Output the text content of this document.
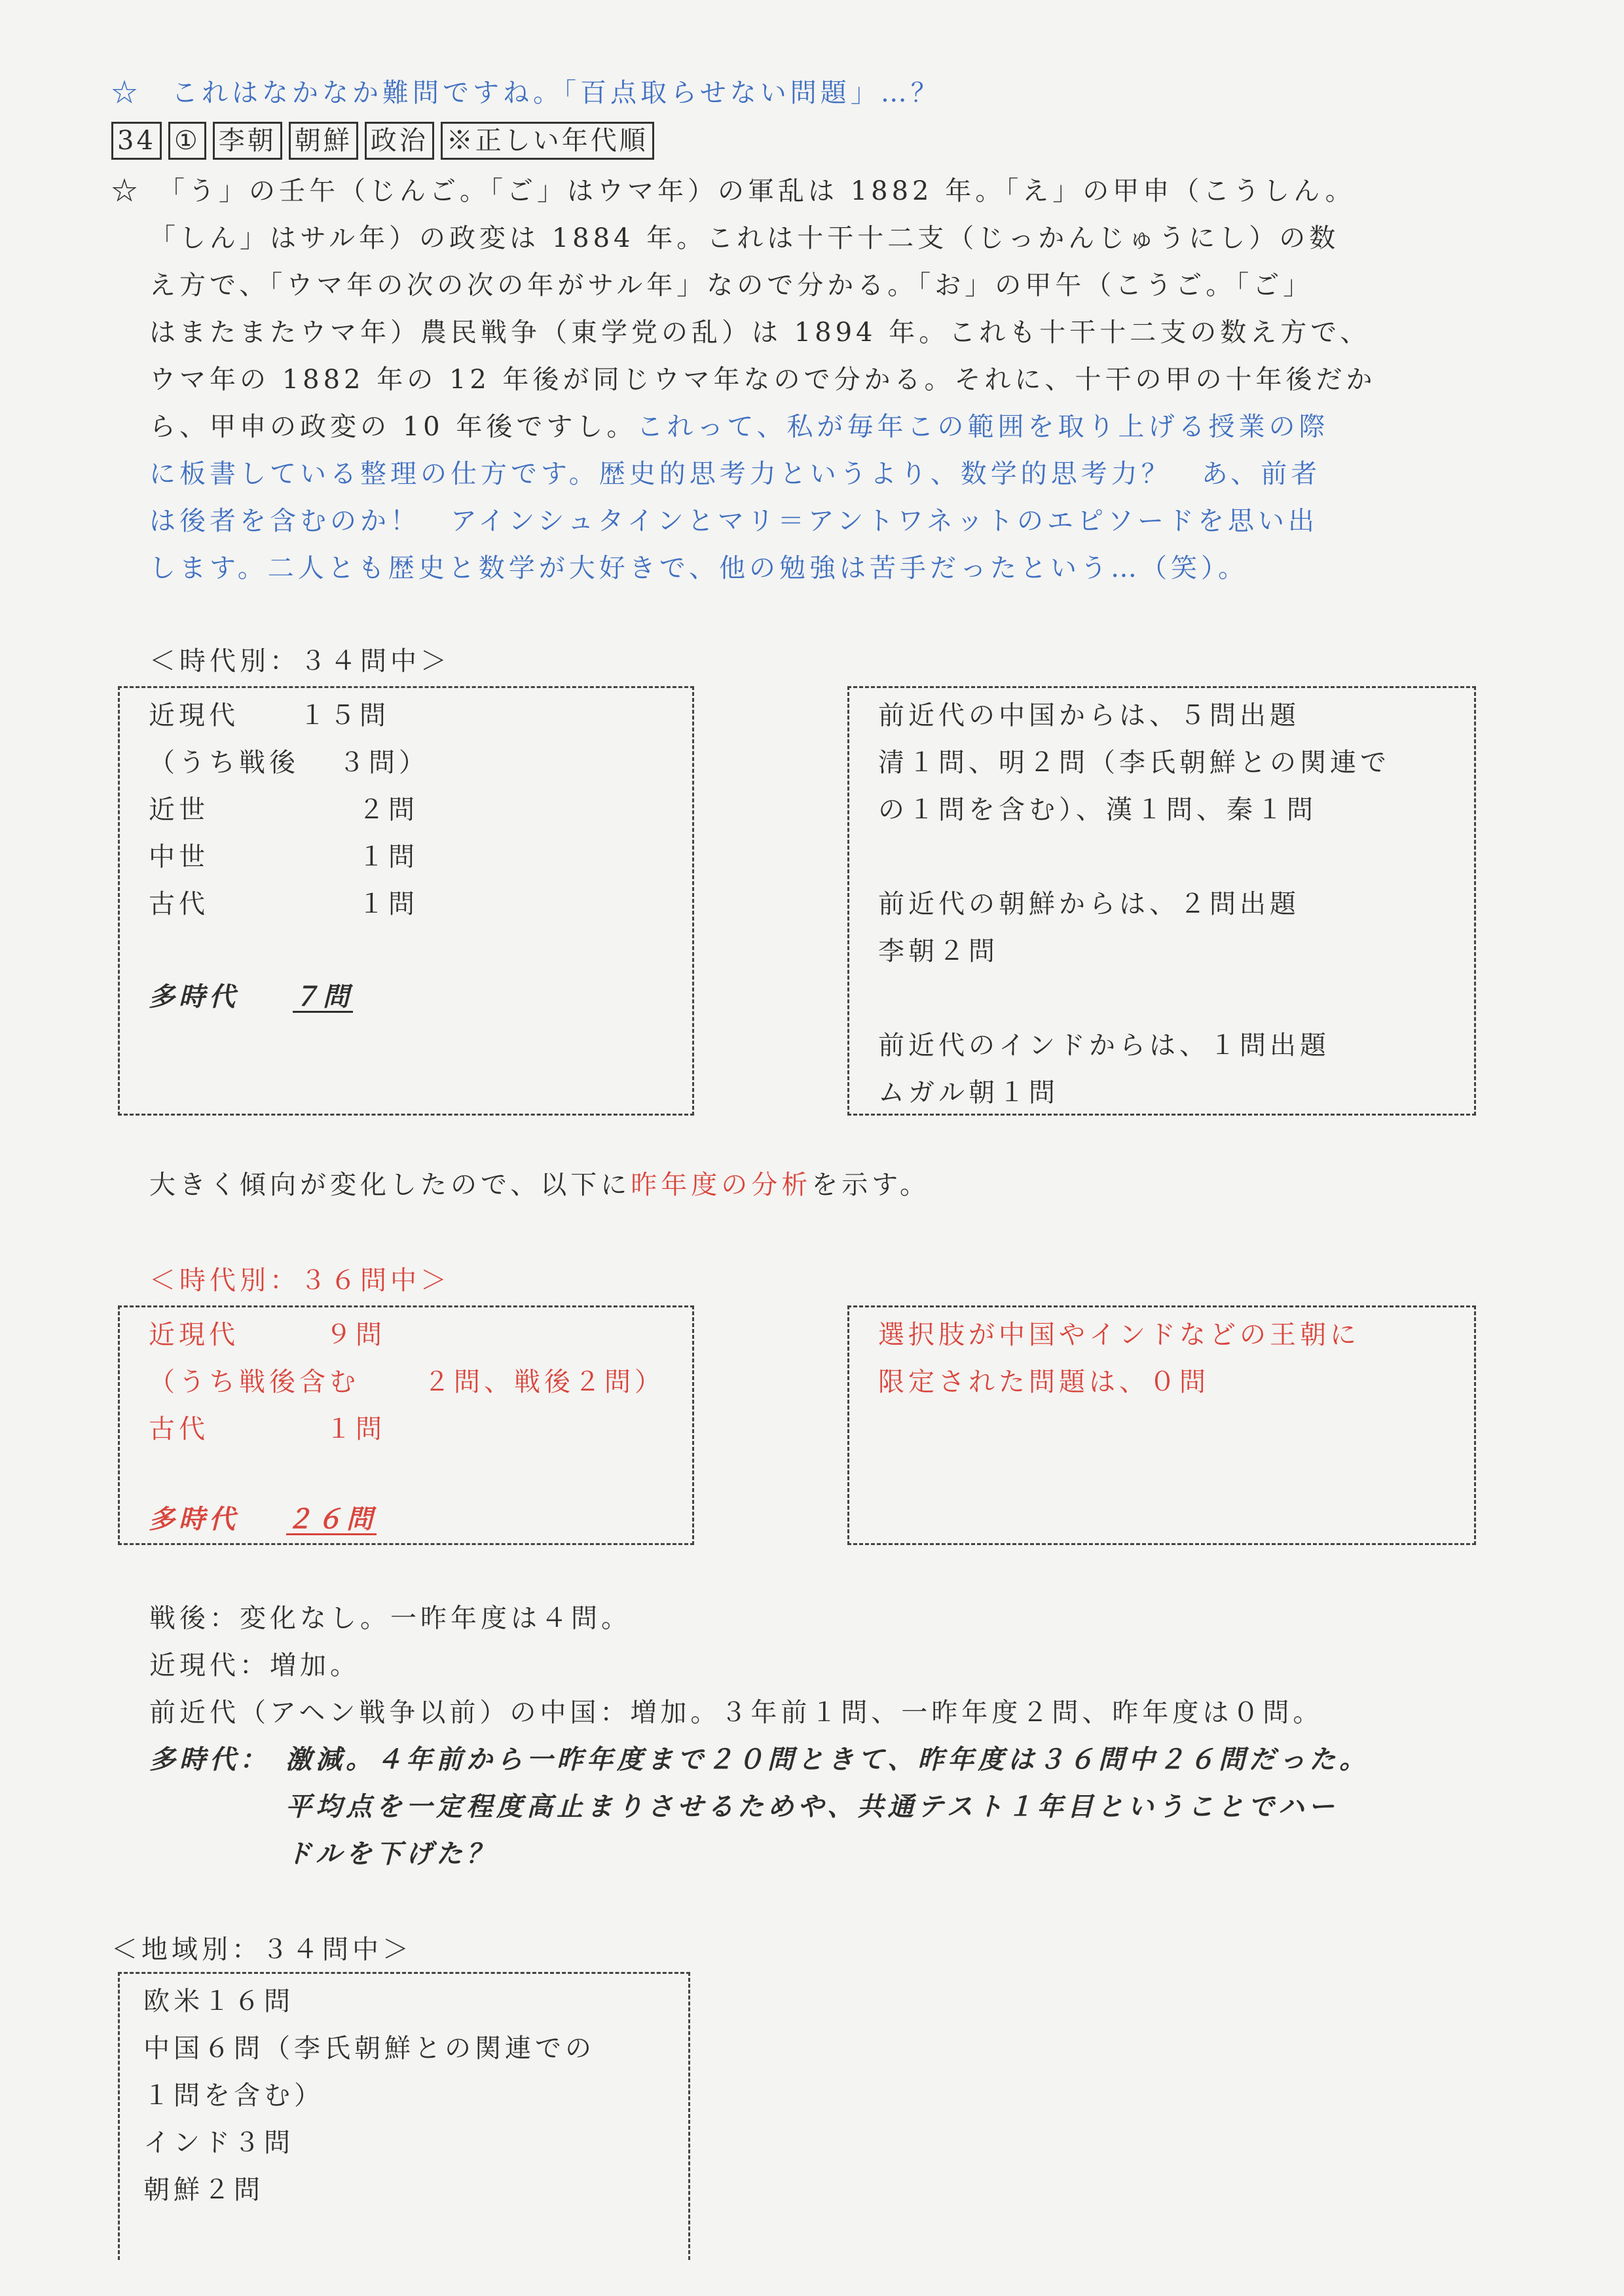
☆　これはなかなか難問ですね。「百点取らせない問題」…？
34 ① 李朝 朝鮮 政治 ※正しい年代順
☆　「う」の壬午（じんご。「ご」はウマ年）の軍乱は 1882 年。「え」の甲申（こうしん。
「しん」はサル年）の政変は 1884 年。これは十干十二支（じっかんじゅうにし）の数
え方で、「ウマ年の次の次の年がサル年」なので分かる。「お」の甲午（こうご。「ご」
はまたまたウマ年）農民戦争（東学党の乱）は 1894 年。これも十干十二支の数え方で、
ウマ年の 1882 年の 12 年後が同じウマ年なので分かる。それに、十干の甲の十年後だか
ら、甲申の政変の 10 年後ですし。これって、私が毎年この範囲を取り上げる授業の際
に板書している整理の仕方です。歴史的思考力というより、数学的思考力？　あ、前者
は後者を含むのか！　アインシュタインとマリ＝アントワネットのエピソードを思い出
します。二人とも歴史と数学が大好きで、他の勉強は苦手だったという…（笑）。
＜時代別：３４問中＞
近現代 １５問
（うち戦後 ３問）
近世	２問
中世	１問
古代	１問
多時代 ７問
前近代の中国からは、５問出題
清１問、明２問（李氏朝鮮との関連で
の１問を含む）、漢１問、秦１問
前近代の朝鮮からは、２問出題
李朝２問
前近代のインドからは、１問出題
ムガル朝１問
大きく傾向が変化したので、以下に昨年度の分析を示す。
＜時代別：３６問中＞
近現代	９問
（うち戦後含む ２問、戦後２問）
古代	１問
多時代 ２６問
選択肢が中国やインドなどの王朝に
限定された問題は、０問
戦後：変化なし。一昨年度は４問。
近現代：増加。
前近代（アヘン戦争以前）の中国：増加。３年前１問、一昨年度２問、昨年度は０問。
多時代： 激減。４年前から一昨年度まで２０問ときて、昨年度は３６問中２６問だった。
平均点を一定程度高止まりさせるためや、共通テスト１年目ということでハー
ドルを下げた？
＜地域別：３４問中＞
欧米１６問
中国６問（李氏朝鮮との関連での
１問を含む）
インド３問
朝鮮２問
